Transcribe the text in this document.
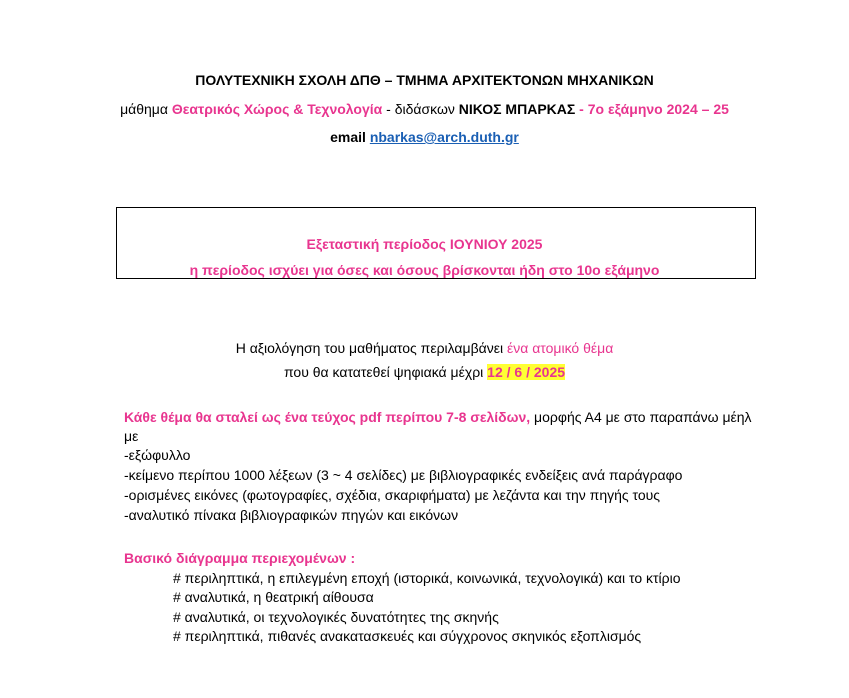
ΠΟΛΥΤΕΧΝΙΚΗ ΣΧΟΛΗ ΔΠΘ – ΤΜΗΜΑ ΑΡΧΙΤΕΚΤΟΝΩΝ ΜΗΧΑΝΙΚΩΝ
μάθημα Θεατρικός Χώρος & Τεχνολογία - διδάσκων ΝΙΚΟΣ ΜΠΑΡΚΑΣ - 7ο εξάμηνο 2024 – 25
email nbarkas@arch.duth.gr
Εξεταστική περίοδος ΙΟΥΝΙΟΥ 2025
η περίοδος ισχύει για όσες και όσους βρίσκονται ήδη στο 10ο εξάμηνο
Η αξιολόγηση του μαθήματος περιλαμβάνει ένα ατομικό θέμα
που θα κατατεθεί ψηφιακά μέχρι 12 / 6 / 2025
Κάθε θέμα θα σταλεί ως ένα τεύχος pdf περίπου 7-8 σελίδων, μορφής Α4 με στο παραπάνω μέηλ
με
-εξώφυλλο
-κείμενο περίπου 1000 λέξεων (3 ~ 4 σελίδες) με βιβλιογραφικές ενδείξεις ανά παράγραφο
-ορισμένες εικόνες (φωτογραφίες, σχέδια, σκαριφήματα) με λεζάντα και την πηγής τους
-αναλυτικό πίνακα βιβλιογραφικών πηγών και εικόνων
Βασικό διάγραμμα περιεχομένων :
# περιληπτικά, η επιλεγμένη εποχή (ιστορικά, κοινωνικά, τεχνολογικά) και το κτίριο
# αναλυτικά, η θεατρική αίθουσα
# αναλυτικά, οι τεχνολογικές δυνατότητες της σκηνής
# περιληπτικά, πιθανές ανακατασκευές και σύγχρονος σκηνικός εξοπλισμός
